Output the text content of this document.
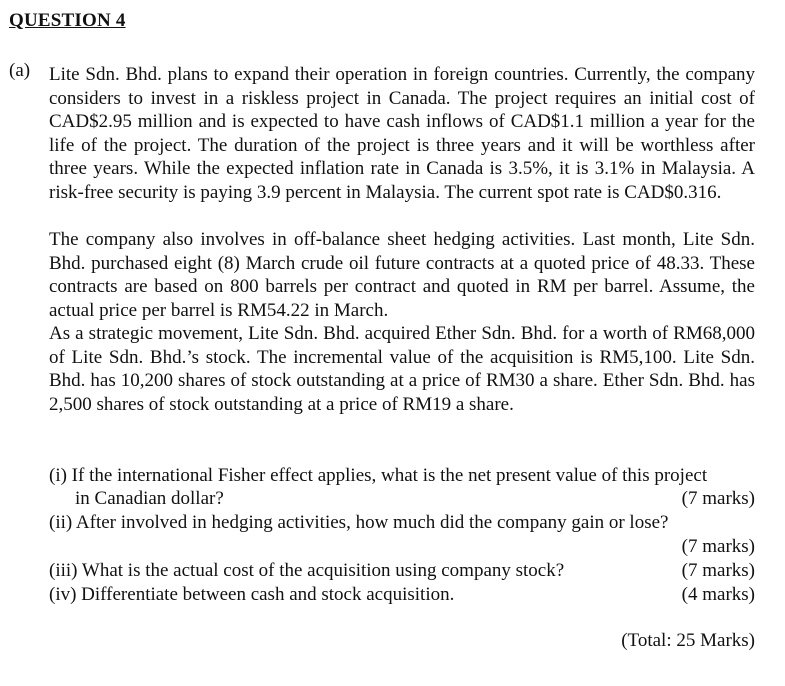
QUESTION 4
(a) Lite Sdn. Bhd. plans to expand their operation in foreign countries. Currently, the company considers to invest in a riskless project in Canada. The project requires an initial cost of CAD$2.95 million and is expected to have cash inflows of CAD$1.1 million a year for the life of the project. The duration of the project is three years and it will be worthless after three years. While the expected inflation rate in Canada is 3.5%, it is 3.1% in Malaysia. A risk-free security is paying 3.9 percent in Malaysia. The current spot rate is CAD$0.316.

The company also involves in off-balance sheet hedging activities. Last month, Lite Sdn. Bhd. purchased eight (8) March crude oil future contracts at a quoted price of 48.33. These contracts are based on 800 barrels per contract and quoted in RM per barrel. Assume, the actual price per barrel is RM54.22 in March.

As a strategic movement, Lite Sdn. Bhd. acquired Ether Sdn. Bhd. for a worth of RM68,000 of Lite Sdn. Bhd.’s stock. The incremental value of the acquisition is RM5,100. Lite Sdn. Bhd. has 10,200 shares of stock outstanding at a price of RM30 a share. Ether Sdn. Bhd. has 2,500 shares of stock outstanding at a price of RM19 a share.

(i) If the international Fisher effect applies, what is the net present value of this project
in Canadian dollar?	(7 marks)
(ii) After involved in hedging activities, how much did the company gain or lose?
(7 marks)
(iii) What is the actual cost of the acquisition using company stock?	(7 marks)
(iv) Differentiate between cash and stock acquisition.	(4 marks)
(Total: 25 Marks)
